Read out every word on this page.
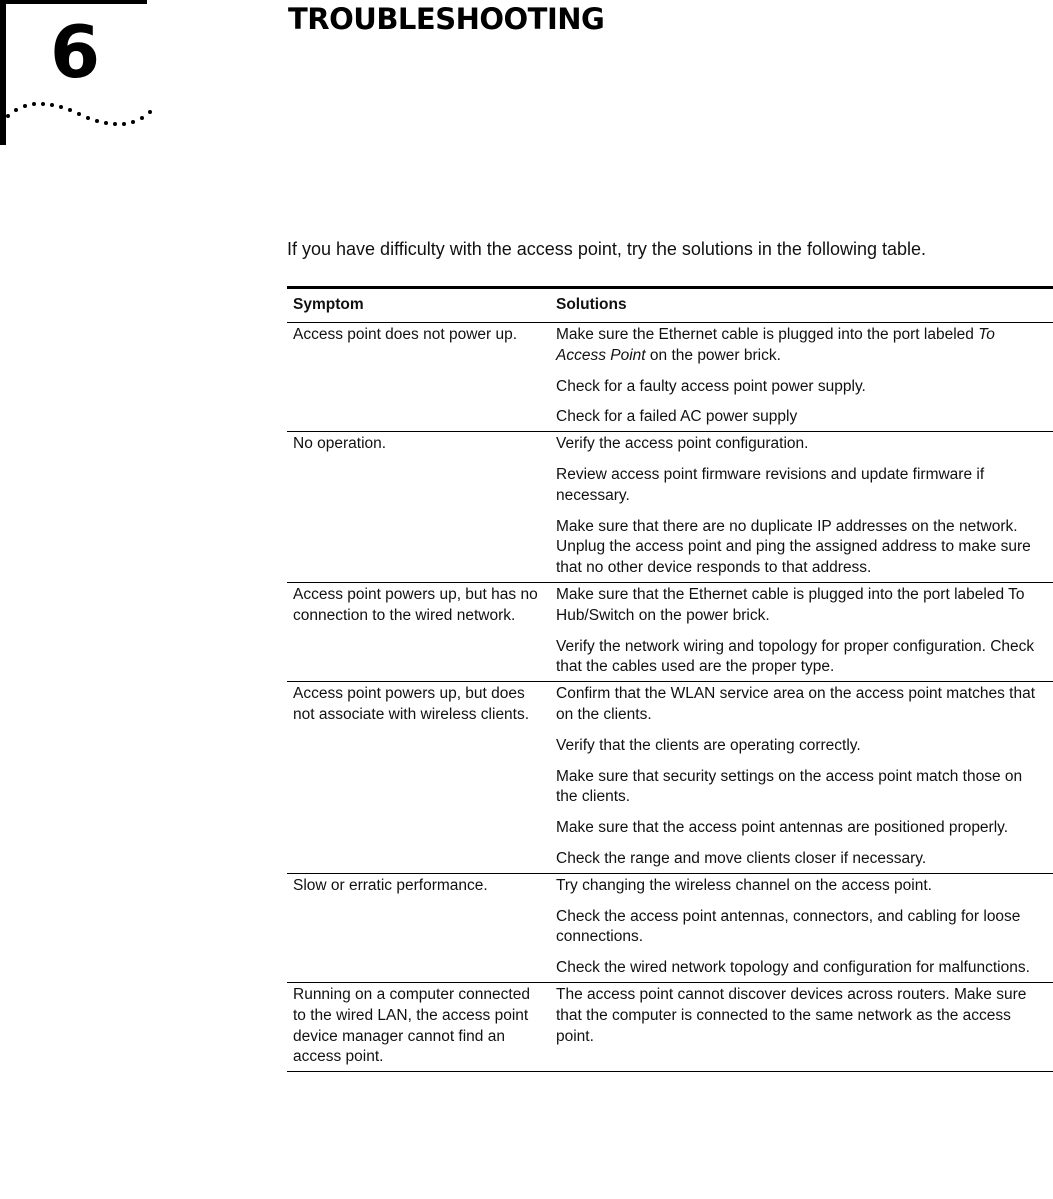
6	TROUBLESHOOTING

If you have difficulty with the access point, try the solutions in the following table.

Symptom	Solutions
Access point does not power up.	Make sure the Ethernet cable is plugged into the port labeled To Access Point on the power brick.

Check for a faulty access point power supply.

Check for a failed AC power supply

No operation.	Verify the access point configuration.

Review access point firmware revisions and update firmware if necessary.

Make sure that there are no duplicate IP addresses on the network. Unplug the access point and ping the assigned address to make sure that no other device responds to that address.

Access point powers up, but has no connection to the wired network.	Make sure that the Ethernet cable is plugged into the port labeled To Hub/Switch on the power brick.

Verify the network wiring and topology for proper configuration. Check that the cables used are the proper type.

Access point powers up, but does not associate with wireless clients.	Confirm that the WLAN service area on the access point matches that on the clients.

Verify that the clients are operating correctly.

Make sure that security settings on the access point match those on the clients.

Make sure that the access point antennas are positioned properly.

Check the range and move clients closer if necessary.

Slow or erratic performance.	Try changing the wireless channel on the access point.

Check the access point antennas, connectors, and cabling for loose connections.

Check the wired network topology and configuration for malfunctions.

Running on a computer connected to the wired LAN, the access point device manager cannot find an access point.	The access point cannot discover devices across routers. Make sure that the computer is connected to the same network as the access point.
